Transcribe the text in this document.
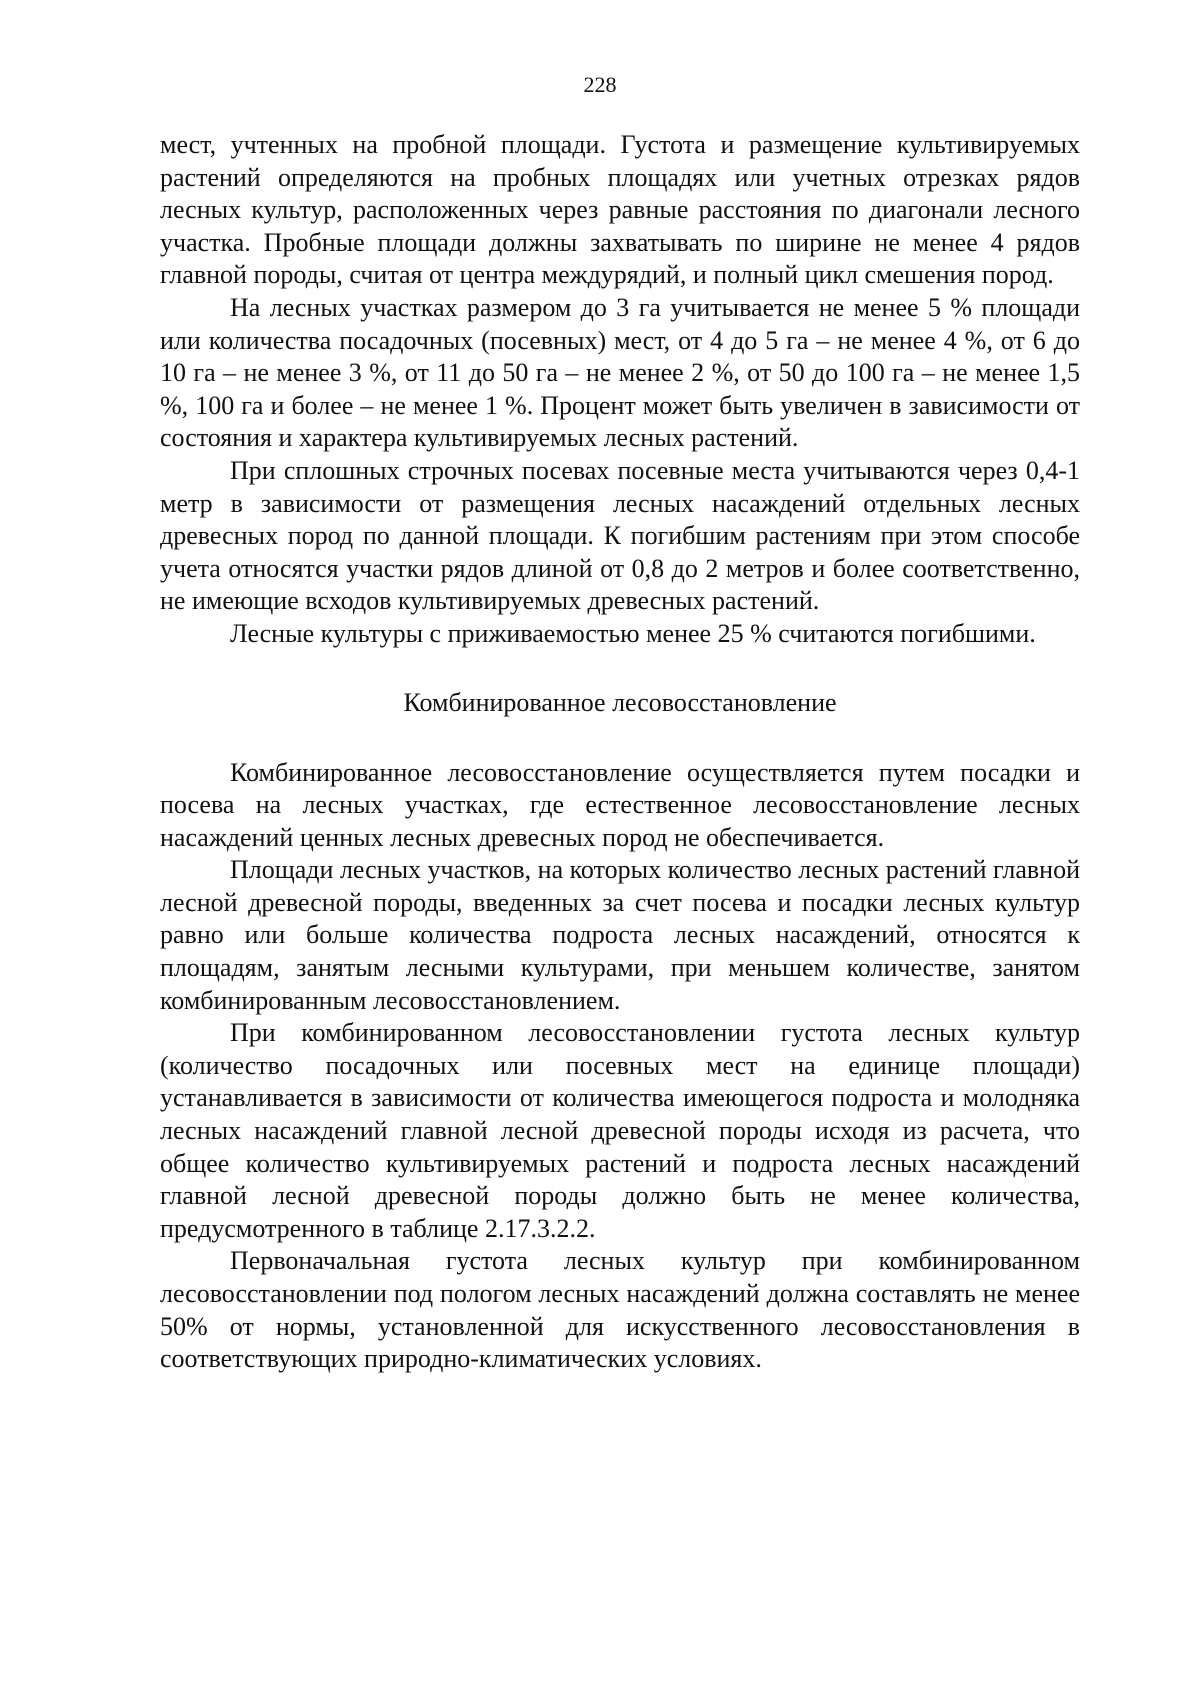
228

мест, учтенных на пробной площади. Густота и размещение культивируемых растений определяются на пробных площадях или учетных отрезках рядов лесных культур, расположенных через равные расстояния по диагонали лесного участка. Пробные площади должны захватывать по ширине не менее 4 рядов главной породы, считая от центра междурядий, и полный цикл смешения пород.

На лесных участках размером до 3 га учитывается не менее 5 % площади или количества посадочных (посевных) мест, от 4 до 5 га – не менее 4 %, от 6 до 10 га – не менее 3 %, от 11 до 50 га – не менее 2 %, от 50 до 100 га – не менее 1,5 %, 100 га и более – не менее 1 %. Процент может быть увеличен в зависимости от состояния и характера культивируемых лесных растений.

При сплошных строчных посевах посевные места учитываются через 0,4-1 метр в зависимости от размещения лесных насаждений отдельных лесных древесных пород по данной площади. К погибшим растениям при этом способе учета относятся участки рядов длиной от 0,8 до 2 метров и более соответственно, не имеющие всходов культивируемых древесных растений.

Лесные культуры с приживаемостью менее 25 % считаются погибшими.

Комбинированное лесовосстановление

Комбинированное лесовосстановление осуществляется путем посадки и посева на лесных участках, где естественное лесовосстановление лесных насаждений ценных лесных древесных пород не обеспечивается.

Площади лесных участков, на которых количество лесных растений главной лесной древесной породы, введенных за счет посева и посадки лесных культур равно или больше количества подроста лесных насаждений, относятся к площадям, занятым лесными культурами, при меньшем количестве, занятом комбинированным лесовосстановлением.

При комбинированном лесовосстановлении густота лесных культур (количество посадочных или посевных мест на единице площади) устанавливается в зависимости от количества имеющегося подроста и молодняка лесных насаждений главной лесной древесной породы исходя из расчета, что общее количество культивируемых растений и подроста лесных насаждений главной лесной древесной породы должно быть не менее количества, предусмотренного в таблице 2.17.3.2.2.

Первоначальная густота лесных культур при комбинированном лесовосстановлении под пологом лесных насаждений должна составлять не менее 50% от нормы, установленной для искусственного лесовосстановления в соответствующих природно-климатических условиях.
